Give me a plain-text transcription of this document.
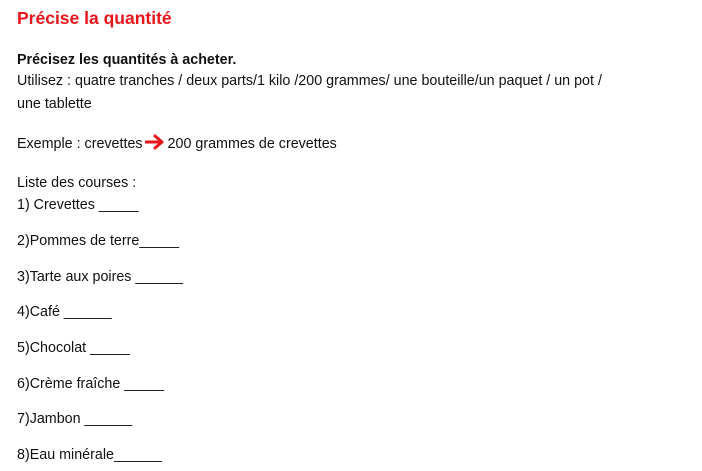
Précise la quantité
Précisez les quantités à acheter.
Utilisez : quatre tranches / deux parts/1 kilo /200 grammes/ une bouteille/un paquet / un pot /
une tablette
Exemple : crevettes 200 grammes de crevettes
Liste des courses :
1) Crevettes _____
2)Pommes de terre_____
3)Tarte aux poires ______
4)Café ______
5)Chocolat _____
6)Crème fraîche _____
7)Jambon ______
8)Eau minérale______
